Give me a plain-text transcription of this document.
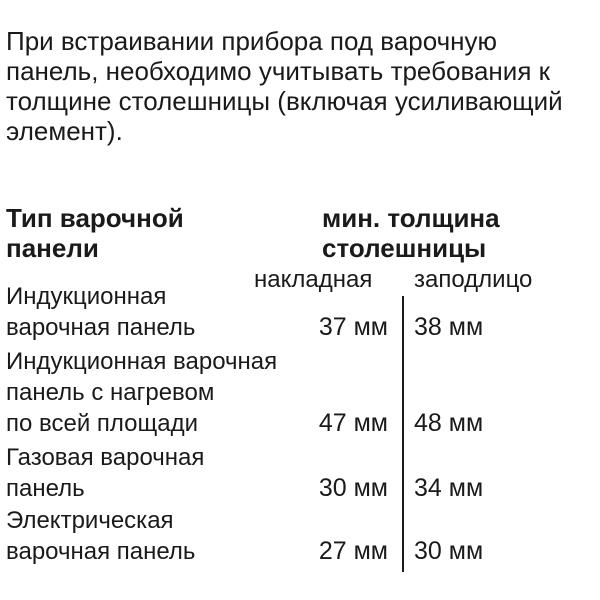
При встраивании прибора под варочную панель, необходимо учитывать требования к толщине столешницы (включая усиливающий элемент).
Тип варочной
панели
мин. толщина
столешницы
накладная заподлицо
Индукционная
варочная панель	37 мм 38 мм
Индукционная варочная
панель с нагревом
по всей площади	47 мм 48 мм
Газовая варочная
панель	30 мм 34 мм
Электрическая
варочная панель	27 мм 30 мм
